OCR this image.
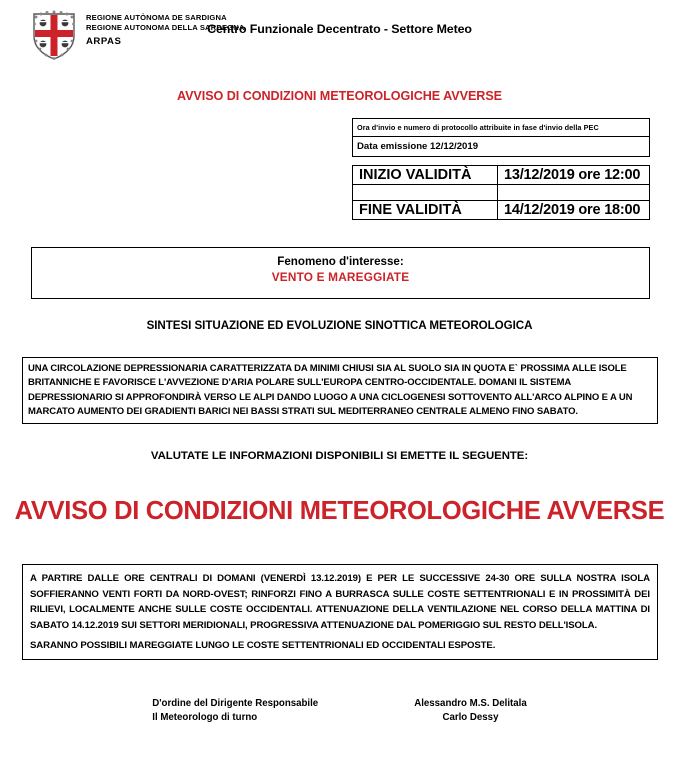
REGIONE AUTÒNOMA DE SARDIGNA
REGIONE AUTONOMA DELLA SARDEGNA
ARPAS
Centro Funzionale Decentrato - Settore Meteo
AVVISO DI CONDIZIONI METEOROLOGICHE AVVERSE
Ora d'invio e numero di protocollo attribuite in fase d'invio della PEC
Data emissione 12/12/2019
INIZIO VALIDITÀ	13/12/2019 ore 12:00

FINE VALIDITÀ	14/12/2019 ore 18:00
Fenomeno d'interesse:
VENTO E MAREGGIATE
SINTESI SITUAZIONE ED EVOLUZIONE SINOTTICA METEOROLOGICA
UNA CIRCOLAZIONE DEPRESSIONARIA CARATTERIZZATA DA MINIMI CHIUSI SIA AL SUOLO SIA IN QUOTA E` PROSSIMA ALLE ISOLE BRITANNICHE E FAVORISCE L'AVVEZIONE D'ARIA POLARE SULL'EUROPA CENTRO-OCCIDENTALE. DOMANI IL SISTEMA DEPRESSIONARIO SI APPROFONDIRÀ VERSO LE ALPI DANDO LUOGO A UNA CICLOGENESI SOTTOVENTO ALL'ARCO ALPINO E A UN MARCATO AUMENTO DEI GRADIENTI BARICI NEI BASSI STRATI SUL MEDITERRANEO CENTRALE ALMENO FINO SABATO.
VALUTATE LE INFORMAZIONI DISPONIBILI SI EMETTE IL SEGUENTE:
AVVISO DI CONDIZIONI METEOROLOGICHE AVVERSE

A PARTIRE DALLE ORE CENTRALI DI DOMANI (VENERDÌ 13.12.2019) E PER LE SUCCESSIVE 24-30 ORE SULLA NOSTRA ISOLA SOFFIERANNO VENTI FORTI DA NORD-OVEST; RINFORZI FINO A BURRASCA SULLE COSTE SETTENTRIONALI E IN PROSSIMITÀ DEI RILIEVI, LOCALMENTE ANCHE SULLE COSTE OCCIDENTALI. ATTENUAZIONE DELLA VENTILAZIONE NEL CORSO DELLA MATTINA DI SABATO 14.12.2019 SUI SETTORI MERIDIONALI, PROGRESSIVA ATTENUAZIONE DAL POMERIGGIO SUL RESTO DELL'ISOLA.

SARANNO POSSIBILI MAREGGIATE LUNGO LE COSTE SETTENTRIONALI ED OCCIDENTALI ESPOSTE.

D'ordine del Dirigente Responsabile
Il Meteorologo di turno
Alessandro M.S. Delitala
Carlo Dessy
